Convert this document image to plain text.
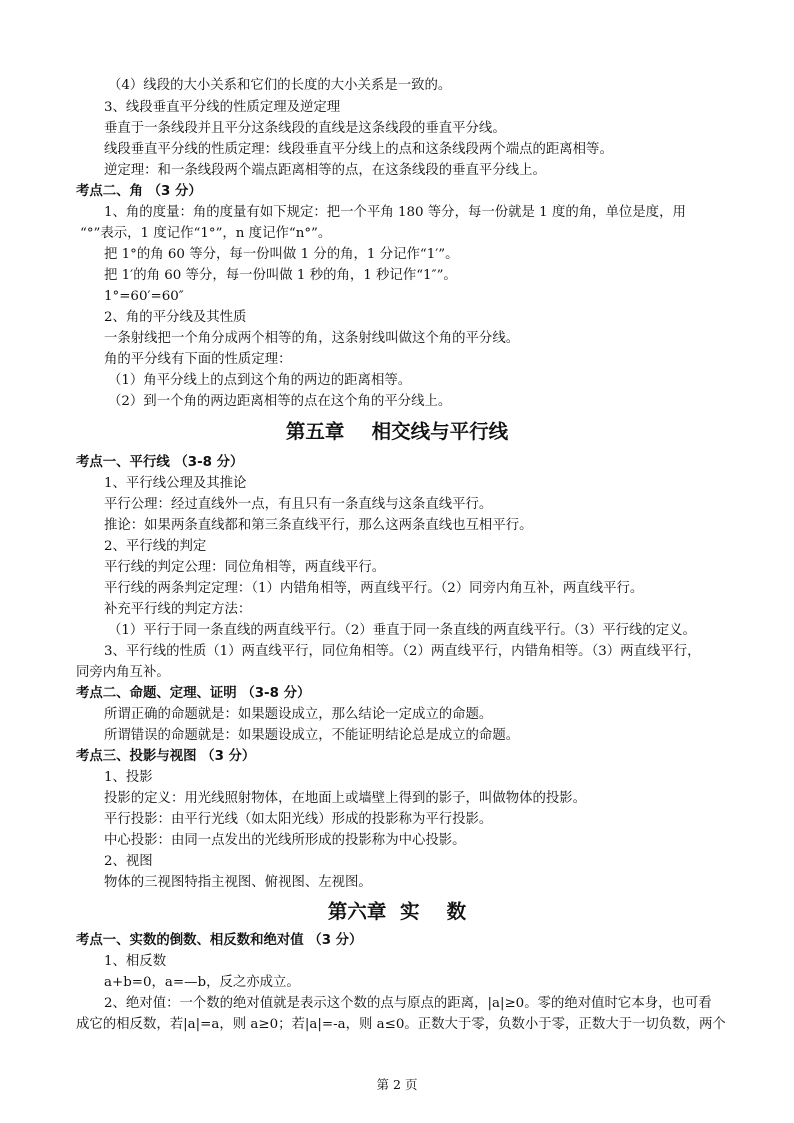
（4）线段的大小关系和它们的长度的大小关系是一致的。
3、线段垂直平分线的性质定理及逆定理
垂直于一条线段并且平分这条线段的直线是这条线段的垂直平分线。
线段垂直平分线的性质定理：线段垂直平分线上的点和这条线段两个端点的距离相等。
逆定理：和一条线段两个端点距离相等的点，在这条线段的垂直平分线上。
考点二、角 （3 分）
1、角的度量：角的度量有如下规定：把一个平角 180 等分，每一份就是 1 度的角，单位是度，用
“°”表示，1 度记作“1°”，n 度记作“n°”。
把 1°的角 60 等分，每一份叫做 1 分的角，1 分记作“1′”。
把 1′的角 60 等分，每一份叫做 1 秒的角，1 秒记作“1″”。
1°=60′=60″
2、角的平分线及其性质
一条射线把一个角分成两个相等的角，这条射线叫做这个角的平分线。
角的平分线有下面的性质定理：
（1）角平分线上的点到这个角的两边的距离相等。
（2）到一个角的两边距离相等的点在这个角的平分线上。
第五章    相交线与平行线
考点一、平行线 （3-8 分）
1、平行线公理及其推论
平行公理：经过直线外一点，有且只有一条直线与这条直线平行。
推论：如果两条直线都和第三条直线平行，那么这两条直线也互相平行。
2、平行线的判定
平行线的判定公理：同位角相等，两直线平行。
平行线的两条判定定理：（1）内错角相等，两直线平行。（2）同旁内角互补，两直线平行。
补充平行线的判定方法：
（1）平行于同一条直线的两直线平行。（2）垂直于同一条直线的两直线平行。（3）平行线的定义。
3、平行线的性质（1）两直线平行，同位角相等。（2）两直线平行，内错角相等。（3）两直线平行，
同旁内角互补。
考点二、命题、定理、证明 （3-8 分）
所谓正确的命题就是：如果题设成立，那么结论一定成立的命题。
所谓错误的命题就是：如果题设成立，不能证明结论总是成立的命题。
考点三、投影与视图 （3 分）
1、投影
投影的定义：用光线照射物体，在地面上或墙壁上得到的影子，叫做物体的投影。
平行投影：由平行光线（如太阳光线）形成的投影称为平行投影。
中心投影：由同一点发出的光线所形成的投影称为中心投影。
2、视图
物体的三视图特指主视图、俯视图、左视图。
第六章  实    数
考点一、实数的倒数、相反数和绝对值 （3 分）
1、相反数
a+b=0，a=—b，反之亦成立。
2、绝对值：一个数的绝对值就是表示这个数的点与原点的距离，|a|≥0。零的绝对值时它本身，也可看
成它的相反数，若|a|=a，则 a≥0；若|a|=-a，则 a≤0。正数大于零，负数小于零，正数大于一切负数，两个
第 2 页
